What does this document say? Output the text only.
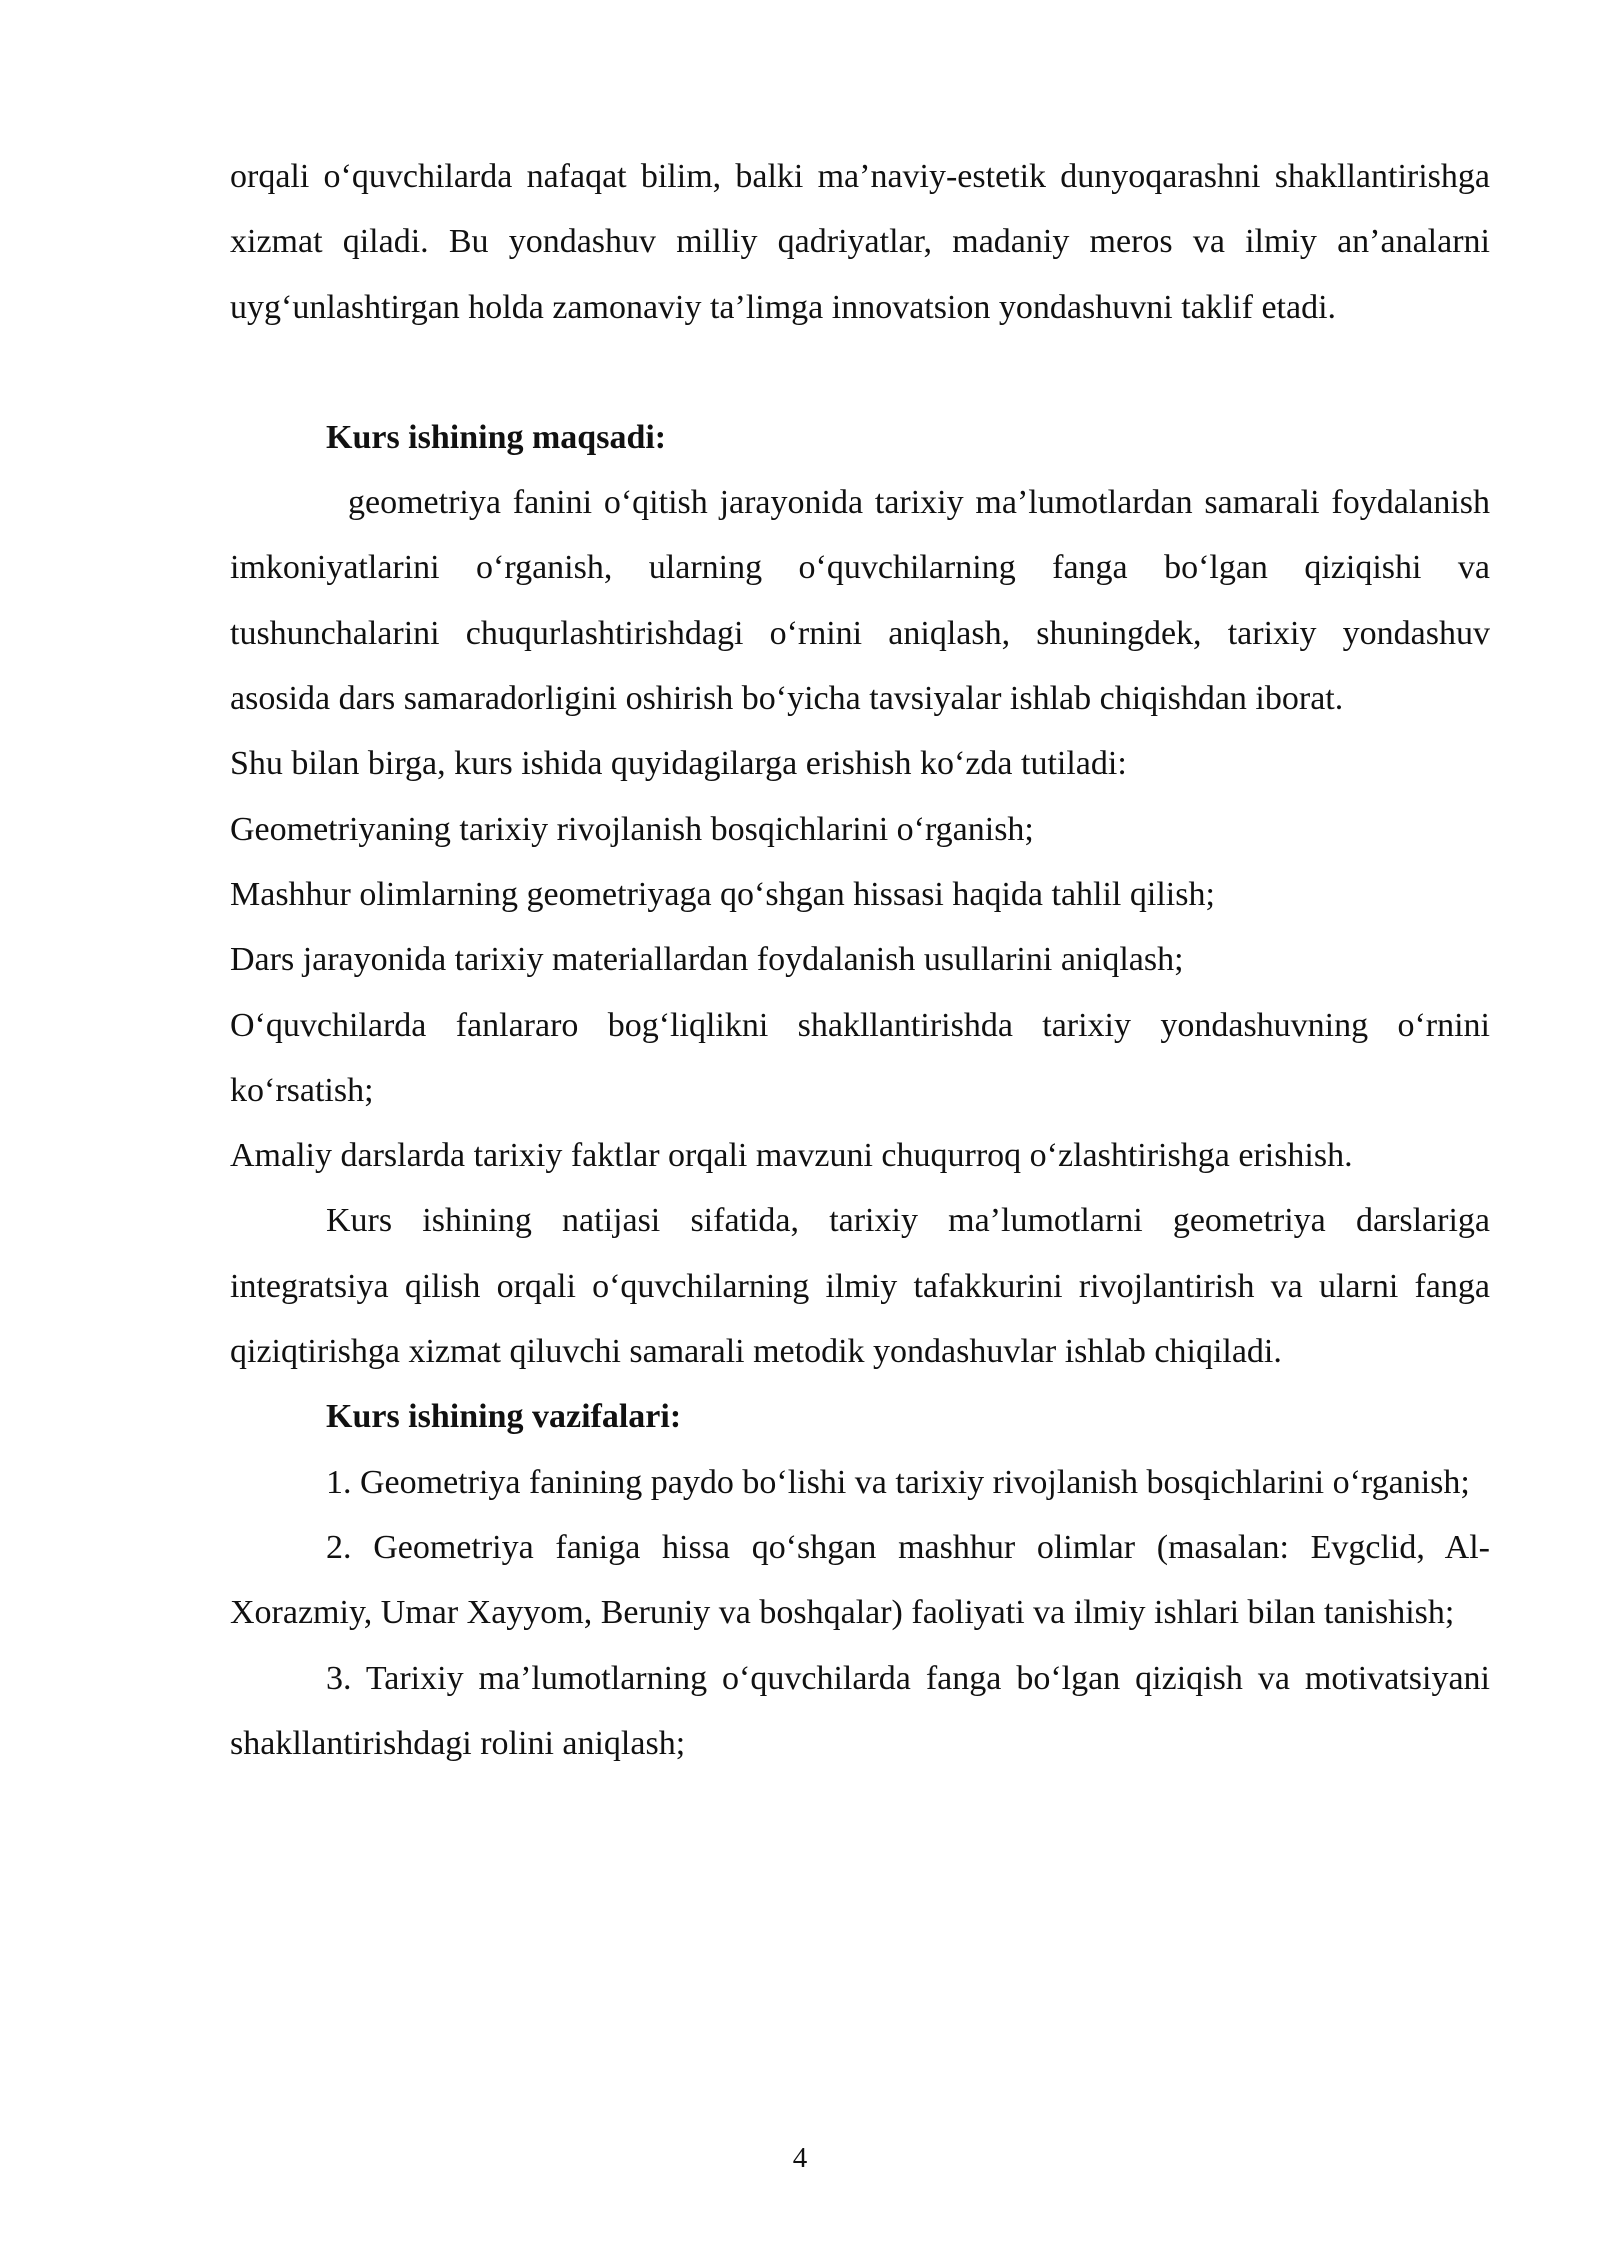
orqali o‘quvchilarda nafaqat bilim, balki ma’naviy-estetik dunyoqarashni shakllantirishga xizmat qiladi. Bu yondashuv milliy qadriyatlar, madaniy meros va ilmiy an’analarni uyg‘unlashtirgan holda zamonaviy ta’limga innovatsion yondashuvni taklif etadi.

Kurs ishining maqsadi:

geometriya fanini o‘qitish jarayonida tarixiy ma’lumotlardan samarali foydalanish imkoniyatlarini o‘rganish, ularning o‘quvchilarning fanga bo‘lgan qiziqishi va tushunchalarini chuqurlashtirishdagi o‘rnini aniqlash, shuningdek, tarixiy yondashuv asosida dars samaradorligini oshirish bo‘yicha tavsiyalar ishlab chiqishdan iborat.

Shu bilan birga, kurs ishida quyidagilarga erishish ko‘zda tutiladi:

Geometriyaning tarixiy rivojlanish bosqichlarini o‘rganish;

Mashhur olimlarning geometriyaga qo‘shgan hissasi haqida tahlil qilish;

Dars jarayonida tarixiy materiallardan foydalanish usullarini aniqlash;

O‘quvchilarda fanlararo bog‘liqlikni shakllantirishda tarixiy yondashuvning o‘rnini ko‘rsatish;

Amaliy darslarda tarixiy faktlar orqali mavzuni chuqurroq o‘zlashtirishga erishish.

Kurs ishining natijasi sifatida, tarixiy ma’lumotlarni geometriya darslariga integratsiya qilish orqali o‘quvchilarning ilmiy tafakkurini rivojlantirish va ularni fanga qiziqtirishga xizmat qiluvchi samarali metodik yondashuvlar ishlab chiqiladi.

Kurs ishining vazifalari:

1. Geometriya fanining paydo bo‘lishi va tarixiy rivojlanish bosqichlarini o‘rganish;

2. Geometriya faniga hissa qo‘shgan mashhur olimlar (masalan: Evgclid, Al-Xorazmiy, Umar Xayyom, Beruniy va boshqalar) faoliyati va ilmiy ishlari bilan tanishish;

3. Tarixiy ma’lumotlarning o‘quvchilarda fanga bo‘lgan qiziqish va motivatsiyani shakllantirishdagi rolini aniqlash;

4
